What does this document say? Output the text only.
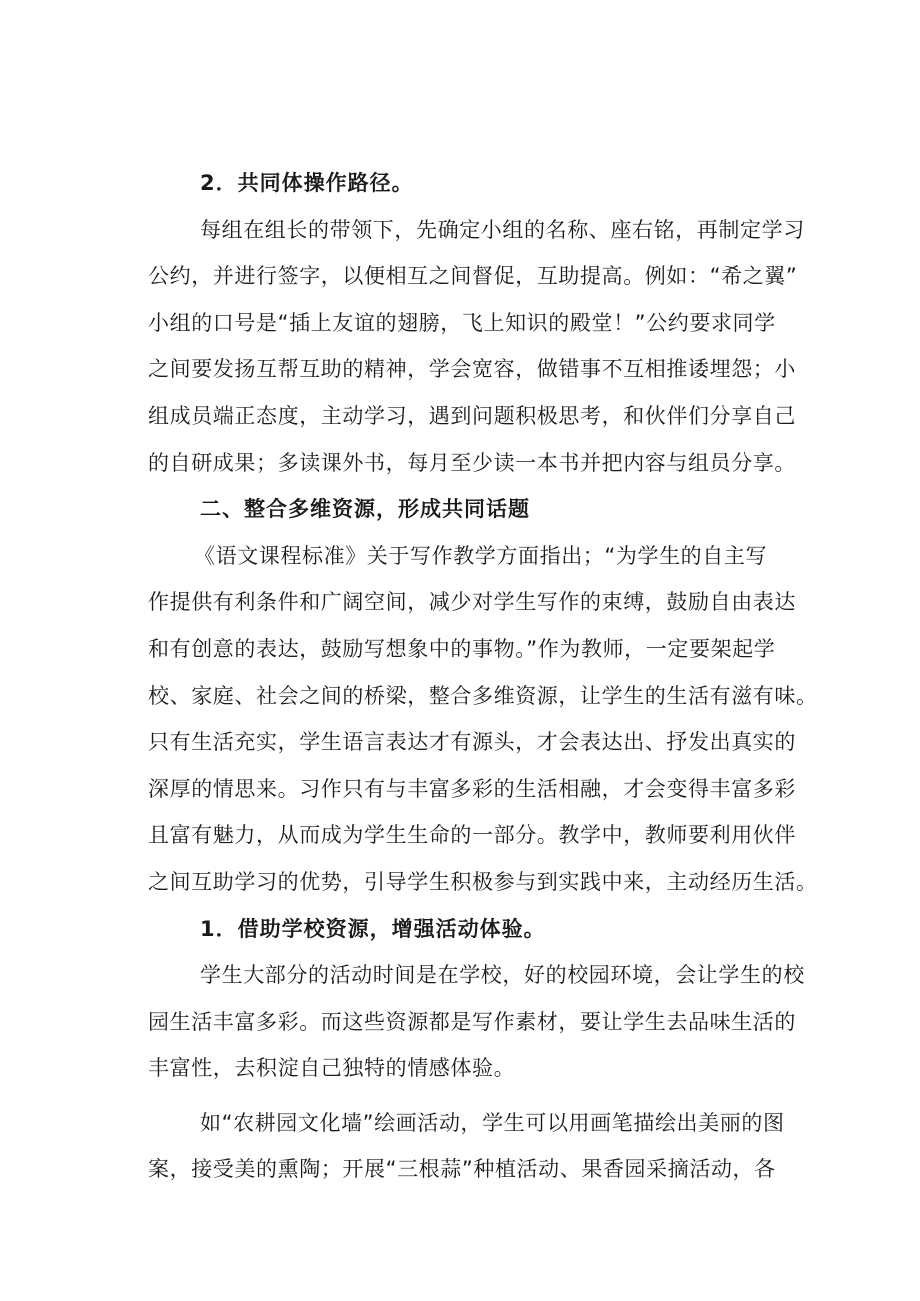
2．共同体操作路径。
每组在组长的带领下，先确定小组的名称、座右铭，再制定学习
公约，并进行签字，以便相互之间督促，互助提高。例如：“希之翼”
小组的口号是“插上友谊的翅膀，飞上知识的殿堂！”公约要求同学
之间要发扬互帮互助的精神，学会宽容，做错事不互相推诿埋怨；小
组成员端正态度，主动学习，遇到问题积极思考，和伙伴们分享自己
的自研成果；多读课外书，每月至少读一本书并把内容与组员分享。
二、整合多维资源，形成共同话题
《语文课程标准》关于写作教学方面指出；“为学生的自主写
作提供有利条件和广阔空间，减少对学生写作的束缚，鼓励自由表达
和有创意的表达，鼓励写想象中的事物。”作为教师，一定要架起学
校、家庭、社会之间的桥梁，整合多维资源，让学生的生活有滋有味。
只有生活充实，学生语言表达才有源头，才会表达出、抒发出真实的
深厚的情思来。习作只有与丰富多彩的生活相融，才会变得丰富多彩
且富有魅力，从而成为学生生命的一部分。教学中，教师要利用伙伴
之间互助学习的优势，引导学生积极参与到实践中来，主动经历生活。
1．借助学校资源，增强活动体验。
学生大部分的活动时间是在学校，好的校园环境，会让学生的校
园生活丰富多彩。而这些资源都是写作素材，要让学生去品味生活的
丰富性，去积淀自己独特的情感体验。
如“农耕园文化墙”绘画活动，学生可以用画笔描绘出美丽的图
案，接受美的熏陶；开展“三根蒜”种植活动、果香园采摘活动，各
